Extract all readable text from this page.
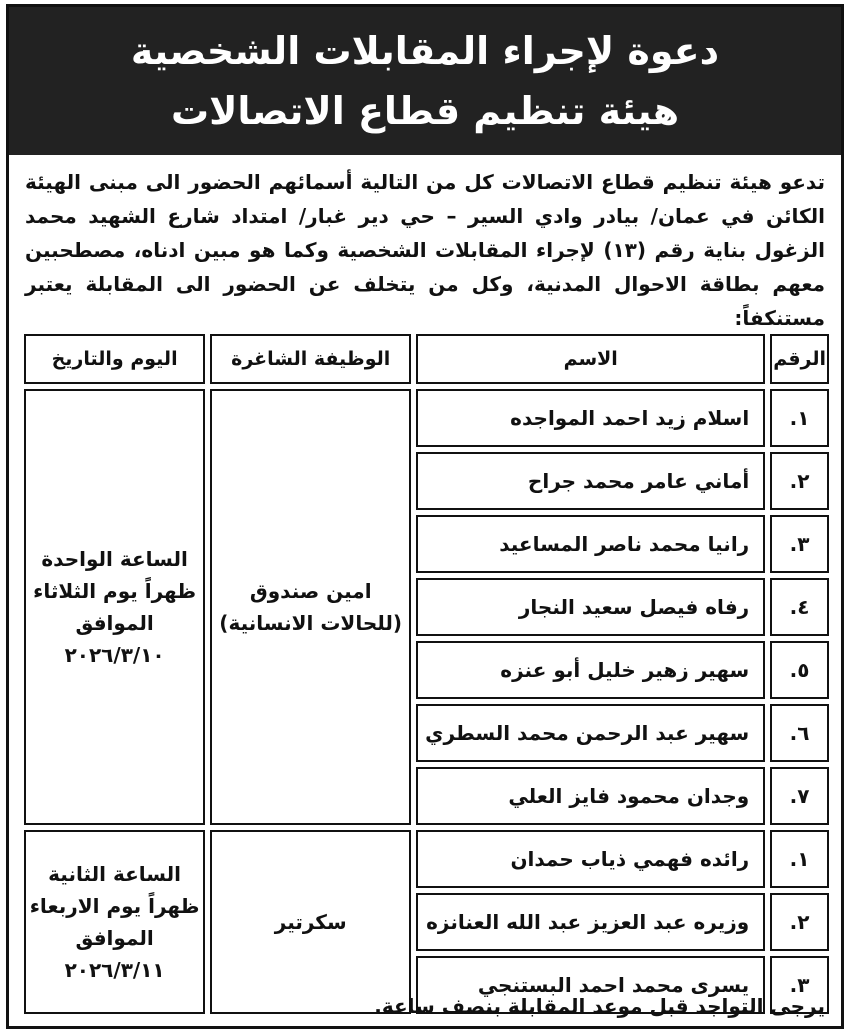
دعوة لإجراء المقابلات الشخصية
هيئة تنظيم قطاع الاتصالات
تدعو هيئة تنظيم قطاع الاتصالات كل من التالية أسمائهم الحضور الى مبنى الهيئة الكائن في عمان/ بيادر وادي السير – حي دير غبار/ امتداد شارع الشهيد محمد الزغول بناية رقم (١٣) لإجراء المقابلات الشخصية وكما هو مبين ادناه، مصطحبين معهم بطاقة الاحوال المدنية، وكل من يتخلف عن الحضور الى المقابلة يعتبر مستنكفاً:
الرقم	الاسم	الوظيفة الشاغرة	اليوم والتاريخ
١.	اسلام زيد احمد المواجده	امين صندوق (للحالات الانسانية)	الساعة الواحدة ظهراً يوم الثلاثاء الموافق ٢٠٢٦/٣/١٠
٢.	أماني عامر محمد جراح		
٣.	رانيا محمد ناصر المساعيد		
٤.	رفاه فيصل سعيد النجار		
٥.	سهير زهير خليل أبو عنزه		
٦.	سهير عبد الرحمن محمد السطري		
٧.	وجدان محمود فايز العلي		
١.	رائده فهمي ذياب حمدان	سكرتير	الساعة الثانية ظهراً يوم الاربعاء الموافق ٢٠٢٦/٣/١١
٢.	وزيره عبد العزيز عبد الله العنانزه		
٣.	يسرى محمد احمد البستنجي		
يرجى التواجد قبل موعد المقابلة بنصف ساعة.
